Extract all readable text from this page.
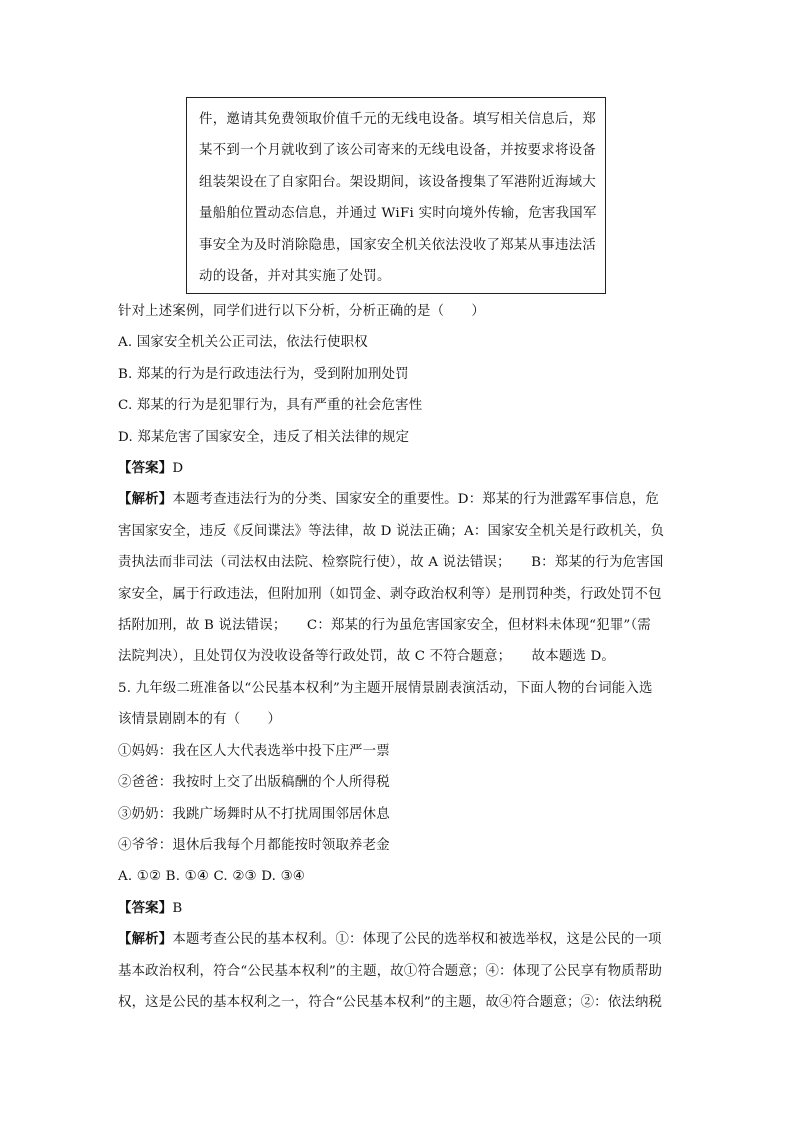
件，邀请其免费领取价值千元的无线电设备。填写相关信息后，郑

某不到一个月就收到了该公司寄来的无线电设备，并按要求将设备

组装架设在了自家阳台。架设期间，该设备搜集了军港附近海域大

量船舶位置动态信息，并通过 WiFi 实时向境外传输，危害我国军

事安全为及时消除隐患，国家安全机关依法没收了郑某从事违法活

动的设备，并对其实施了处罚。

针对上述案例，同学们进行以下分析，分析正确的是（　　）

A. 国家安全机关公正司法，依法行使职权

B. 郑某的行为是行政违法行为，受到附加刑处罚

C. 郑某的行为是犯罪行为，具有严重的社会危害性

D. 郑某危害了国家安全，违反了相关法律的规定

【答案】D

【解析】本题考查违法行为的分类、国家安全的重要性。D：郑某的行为泄露军事信息，危

害国家安全，违反《反间谍法》等法律，故 D 说法正确；A：国家安全机关是行政机关，负

责执法而非司法（司法权由法院、检察院行使），故 A 说法错误；　　B：郑某的行为危害国

家安全，属于行政违法，但附加刑（如罚金、剥夺政治权利等）是刑罚种类，行政处罚不包

括附加刑，故 B 说法错误；　　C：郑某的行为虽危害国家安全，但材料未体现“犯罪”（需

法院判决），且处罚仅为没收设备等行政处罚，故 C 不符合题意；　　故本题选 D。

5. 九年级二班准备以“公民基本权利”为主题开展情景剧表演活动，下面人物的台词能入选

该情景剧剧本的有（　　）

①妈妈：我在区人大代表选举中投下庄严一票

②爸爸：我按时上交了出版稿酬的个人所得税

③奶奶：我跳广场舞时从不打扰周围邻居休息

④爷爷：退休后我每个月都能按时领取养老金

A. ①② B. ①④ C. ②③ D. ③④

【答案】B

【解析】本题考查公民的基本权利。①：体现了公民的选举权和被选举权，这是公民的一项

基本政治权利，符合“公民基本权利”的主题，故①符合题意；④：体现了公民享有物质帮助

权，这是公民的基本权利之一，符合“公民基本权利”的主题，故④符合题意；②：依法纳税
